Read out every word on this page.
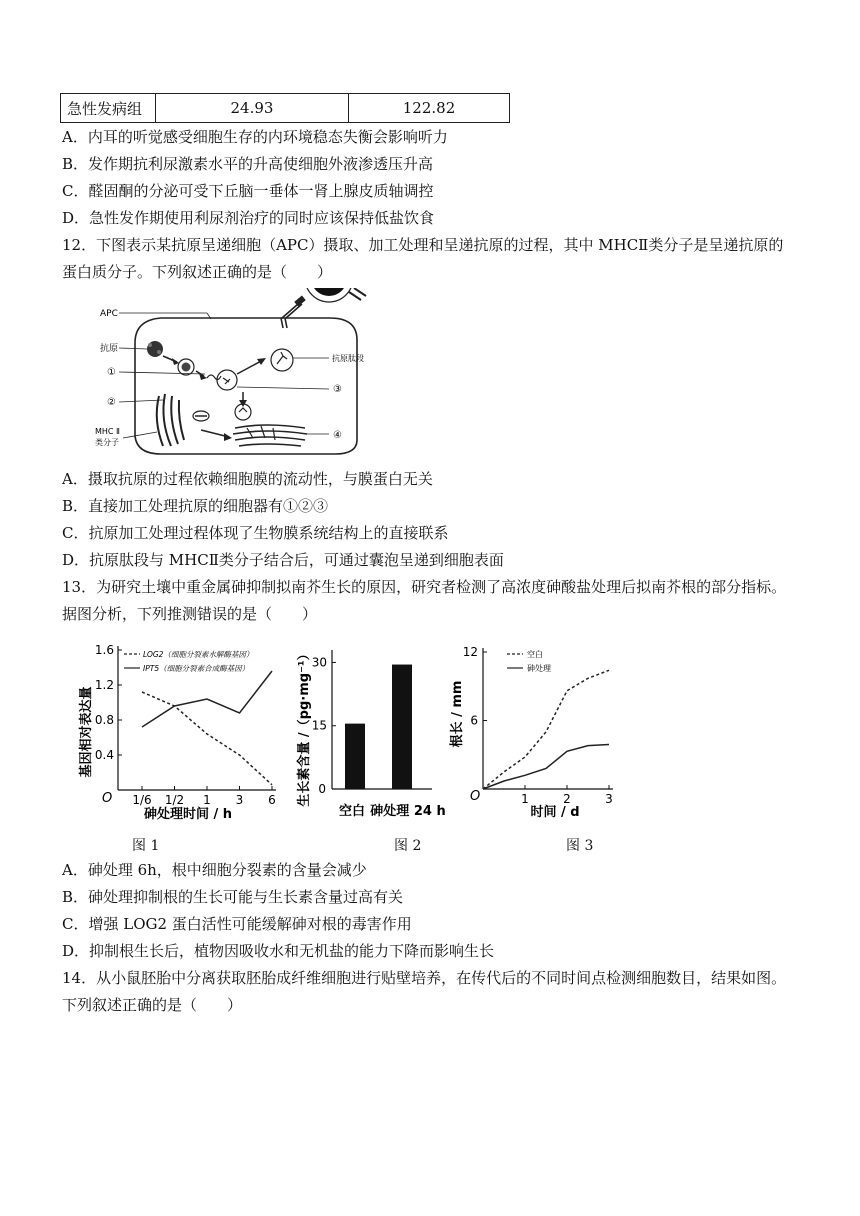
急性发病组	24.93	122.82
A．内耳的听觉感受细胞生存的内环境稳态失衡会影响听力
B．发作期抗利尿激素水平的升高使细胞外液渗透压升高
C．醛固酮的分泌可受下丘脑一垂体一肾上腺皮质轴调控
D．急性发作期使用利尿剂治疗的同时应该保持低盐饮食
12．下图表示某抗原呈递细胞（APC）摄取、加工处理和呈递抗原的过程，其中 MHCⅡ类分子是呈递抗原的
蛋白质分子。下列叙述正确的是（　　）
APC
抗原
①
②
MHC Ⅱ
类分子
③
抗原肽段
④
A．摄取抗原的过程依赖细胞膜的流动性，与膜蛋白无关
B．直接加工处理抗原的细胞器有①②③
C．抗原加工处理过程体现了生物膜系统结构上的直接联系
D．抗原肽段与 MHCⅡ类分子结合后，可通过囊泡呈递到细胞表面
13．为研究土壤中重金属砷抑制拟南芥生长的原因，研究者检测了高浓度砷酸盐处理后拟南芥根的部分指标。
据图分析，下列推测错误的是（　　）
基因相对表达量
O
砷处理时间 / h
0.4
0.8
1.2
1.6
1/6 1/2 1 3 6
LOG2（细胞分裂素水解酶基因）
IPT5（细胞分裂素合成酶基因）	生长素含量 /（pg·mg⁻¹） 0
15
30
空白 砷处理 24 h
根长 / mm
O
时间 / d
6
12
1	2	3
空白
砷处理
图 1	图 2	图 3
A．砷处理 6h，根中细胞分裂素的含量会减少
B．砷处理抑制根的生长可能与生长素含量过高有关
C．增强 LOG2 蛋白活性可能缓解砷对根的毒害作用
D．抑制根生长后，植物因吸收水和无机盐的能力下降而影响生长
14．从小鼠胚胎中分离获取胚胎成纤维细胞进行贴壁培养，在传代后的不同时间点检测细胞数目，结果如图。
下列叙述正确的是（　　）
